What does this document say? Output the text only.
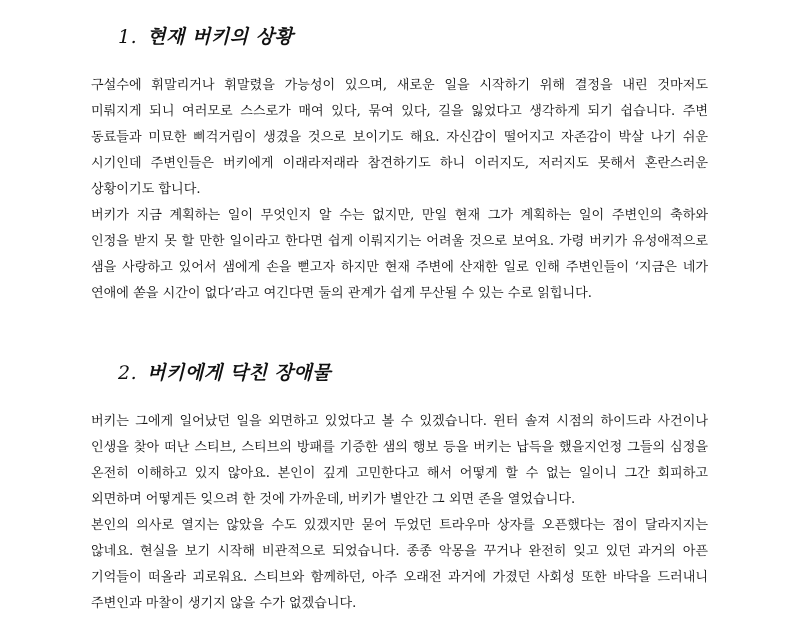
1. 현재 버키의 상황
구설수에 휘말리거나 휘말렸을 가능성이 있으며, 새로운 일을 시작하기 위해 결정을 내린 것마저도
미뤄지게 되니 여러모로 스스로가 매여 있다, 묶여 있다, 길을 잃었다고 생각하게 되기 쉽습니다. 주변
동료들과 미묘한 삐걱거림이 생겼을 것으로 보이기도 해요. 자신감이 떨어지고 자존감이 박살 나기 쉬운
시기인데 주변인들은 버키에게 이래라저래라 참견하기도 하니 이러지도, 저러지도 못해서 혼란스러운
상황이기도 합니다.
버키가 지금 계획하는 일이 무엇인지 알 수는 없지만, 만일 현재 그가 계획하는 일이 주변인의 축하와
인정을 받지 못 할 만한 일이라고 한다면 쉽게 이뤄지기는 어려울 것으로 보여요. 가령 버키가 유성애적으로
샘을 사랑하고 있어서 샘에게 손을 뻗고자 하지만 현재 주변에 산재한 일로 인해 주변인들이 ‘지금은 네가
연애에 쏟을 시간이 없다’라고 여긴다면 둘의 관계가 쉽게 무산될 수 있는 수로 읽힙니다.
2. 버키에게 닥친 장애물
버키는 그에게 일어났던 일을 외면하고 있었다고 볼 수 있겠습니다. 윈터 솔져 시점의 하이드라 사건이나
인생을 찾아 떠난 스티브, 스티브의 방패를 기증한 샘의 행보 등을 버키는 납득을 했을지언정 그들의 심정을
온전히 이해하고 있지 않아요. 본인이 깊게 고민한다고 해서 어떻게 할 수 없는 일이니 그간 회피하고
외면하며 어떻게든 잊으려 한 것에 가까운데, 버키가 별안간 그 외면 존을 열었습니다.
본인의 의사로 열지는 않았을 수도 있겠지만 묻어 두었던 트라우마 상자를 오픈했다는 점이 달라지지는
않네요. 현실을 보기 시작해 비관적으로 되었습니다. 종종 악몽을 꾸거나 완전히 잊고 있던 과거의 아픈
기억들이 떠올라 괴로워요. 스티브와 함께하던, 아주 오래전 과거에 가졌던 사회성 또한 바닥을 드러내니
주변인과 마찰이 생기지 않을 수가 없겠습니다.
